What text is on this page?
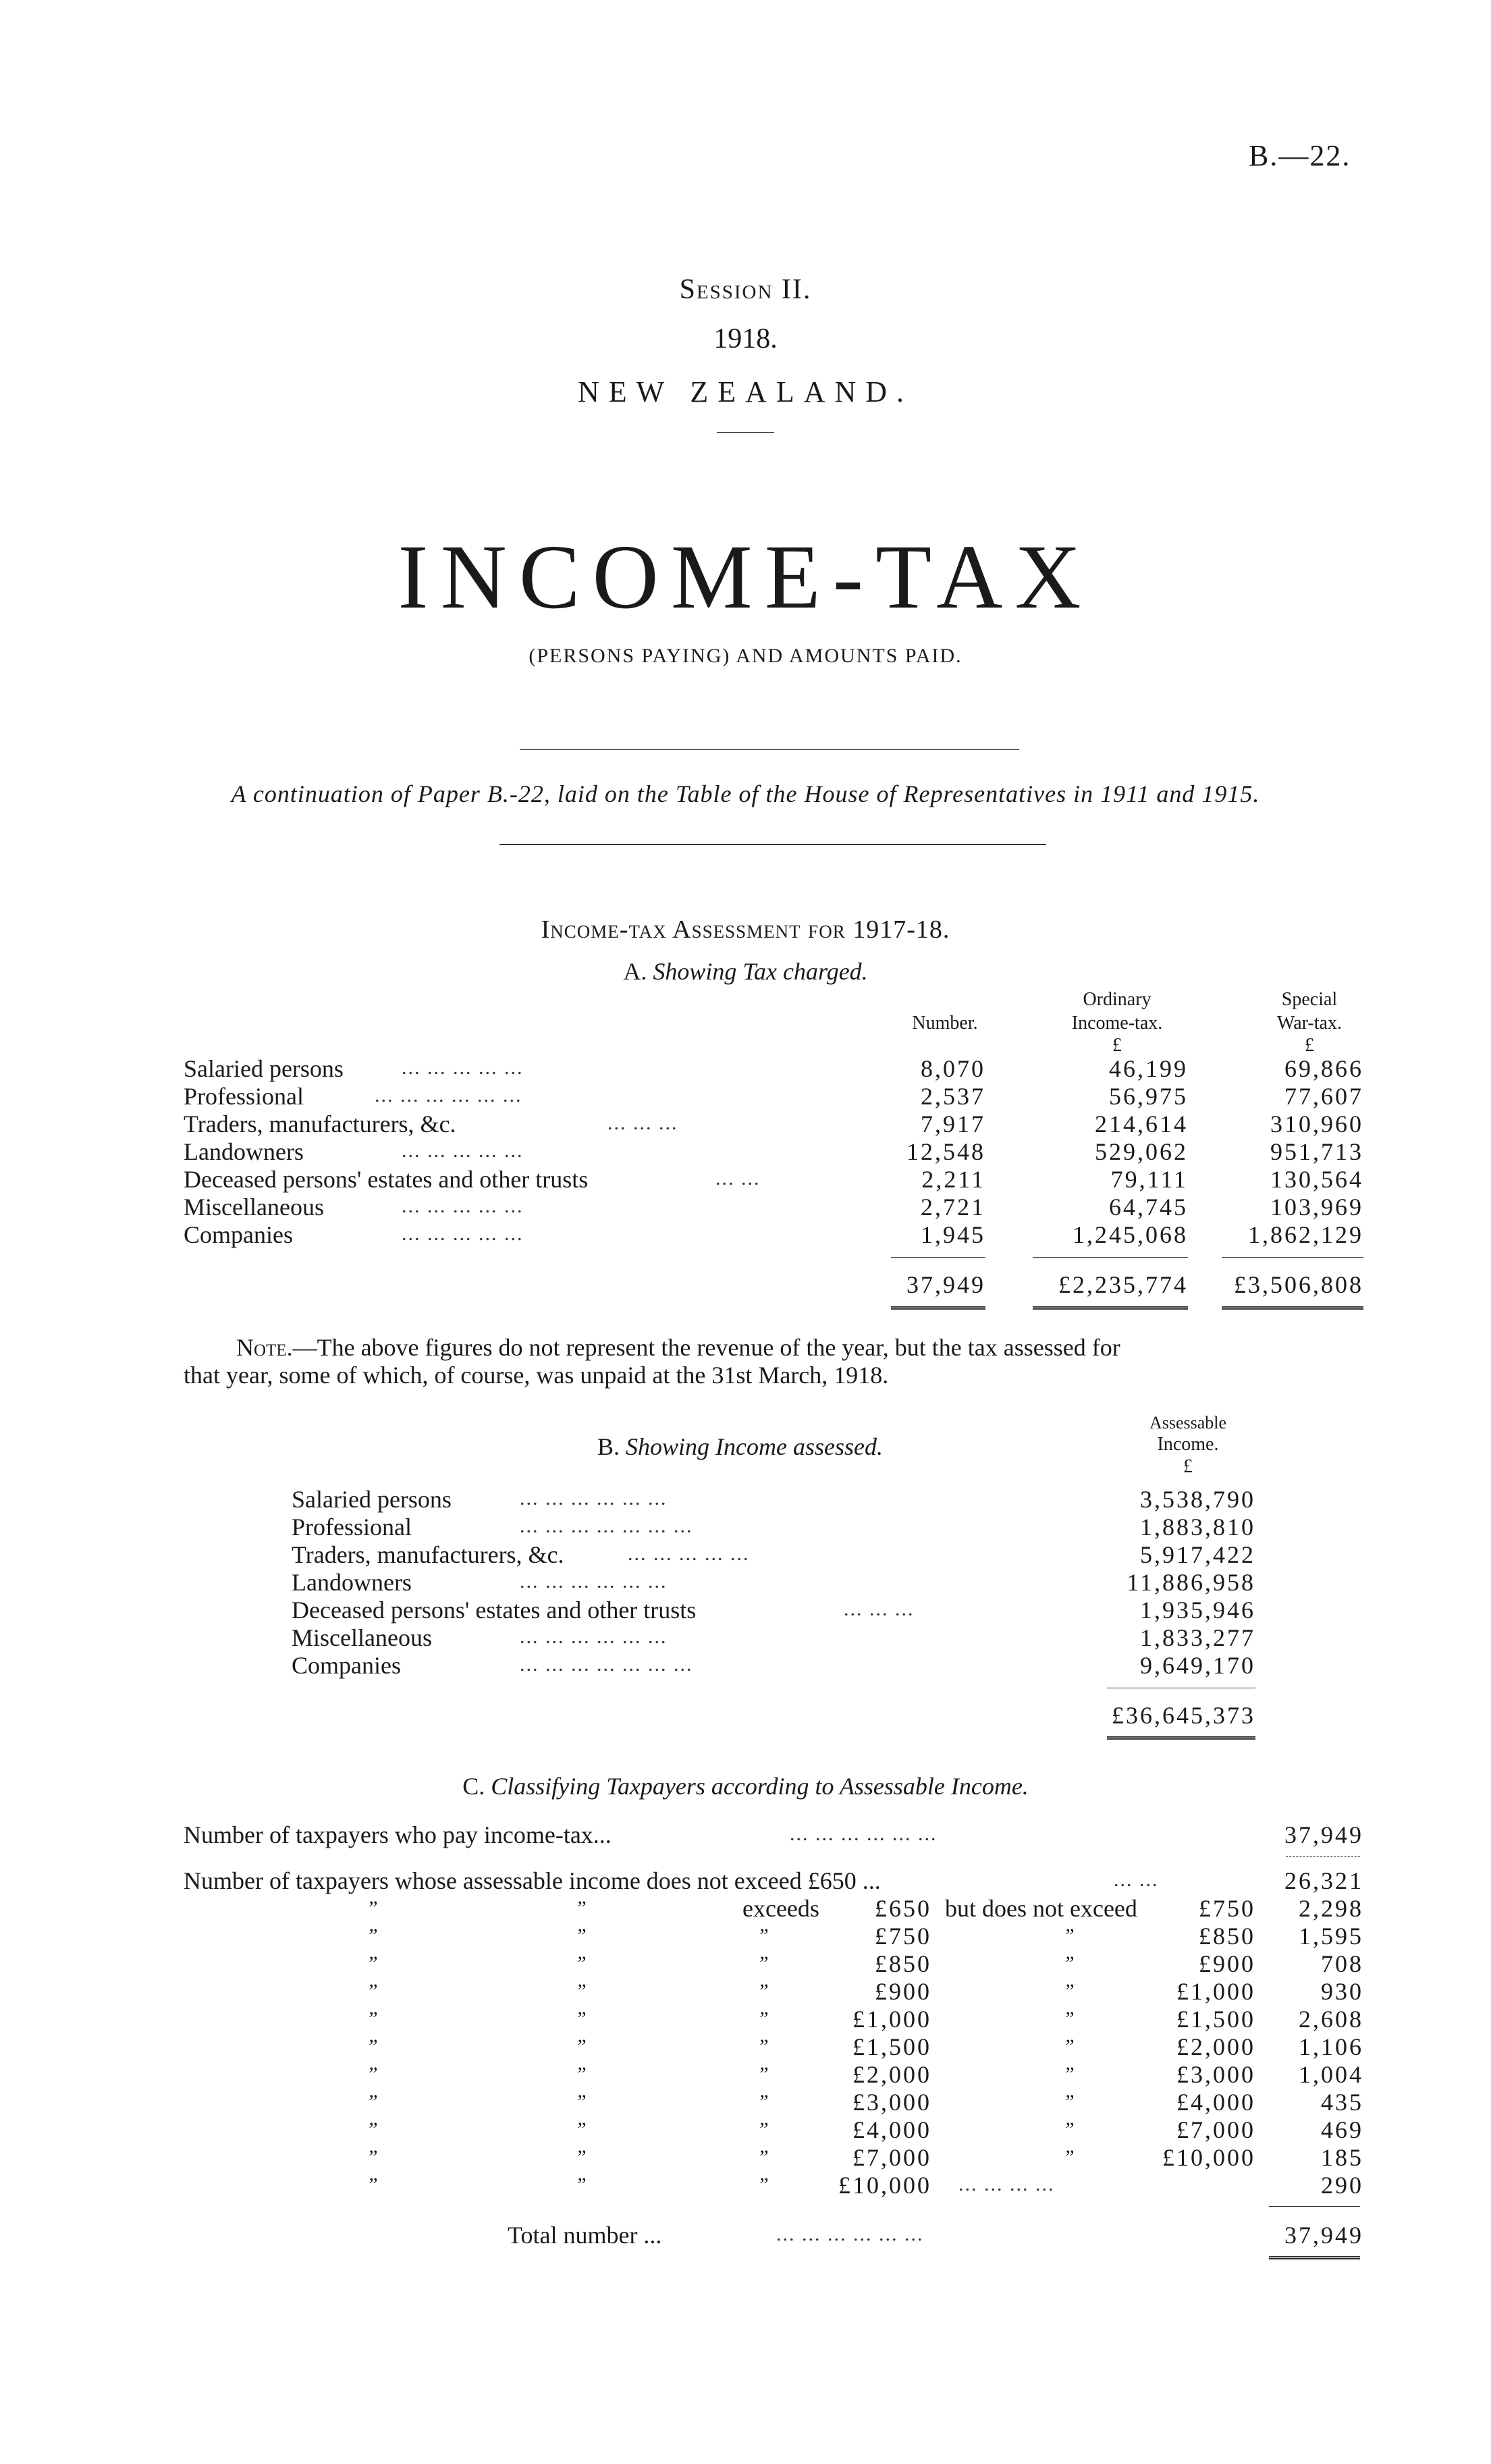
B.—22.
Session II.
1918.
NEW ZEALAND.
INCOME-TAX
(PERSONS PAYING) AND AMOUNTS PAID.
A continuation of Paper B.-22, laid on the Table of the House of Representatives in 1911 and 1915.
Income-tax Assessment for 1917-18.
A. Showing Tax charged.
Number.
Ordinary
Income-tax.
£
Special
War-tax.
£
Salaried persons	... ... ... ... ...	8,070	46,199	69,866
Professional	... ... ... ... ... ...	2,537	56,975	77,607
Traders, manufacturers, &c.	... ... ...	7,917	214,614	310,960
Landowners	... ... ... ... ...	12,548	529,062	951,713
Deceased persons' estates and other trusts	... ...	2,211	79,111	130,564
Miscellaneous	... ... ... ... ...	2,721	64,745	103,969
Companies	... ... ... ... ...	1,945	1,245,068	1,862,129
37,949	£2,235,774	£3,506,808
Note.—The above figures do not represent the revenue of the year, but the tax assessed for
that year, some of which, of course, was unpaid at the 31st March, 1918.
Assessable
Income.
£
B. Showing Income assessed.
Salaried persons	... ... ... ... ... ...	3,538,790
Professional	... ... ... ... ... ... ...	1,883,810
Traders, manufacturers, &c.	... ... ... ... ...	5,917,422
Landowners	... ... ... ... ... ...	11,886,958
Deceased persons' estates and other trusts	... ... ...	1,935,946
Miscellaneous	... ... ... ... ... ...	1,833,277
Companies	... ... ... ... ... ... ...	9,649,170
£36,645,373
C. Classifying Taxpayers according to Assessable Income.
Number of taxpayers who pay income-tax...	... ... ... ... ... ...	37,949
Number of taxpayers whose assessable income does not exceed £650 ...	... ...	26,321
”	”	exceeds	£650 but does not exceed	£750	2,298
”	”	”	£750	”	£850	1,595
”	”	”	£850	”	£900	708
”	”	”	£900	”	£1,000	930
”	”	”	£1,000	”	£1,500	2,608
”	”	”	£1,500	”	£2,000	1,106
”	”	”	£2,000	”	£3,000	1,004
”	”	”	£3,000	”	£4,000	435
”	”	”	£4,000	”	£7,000	469
”	”	”	£7,000	”	£10,000	185
”	”	”	£10,000 ... ... ... ...	290
Total number ...	... ... ... ... ... ...	37,949
